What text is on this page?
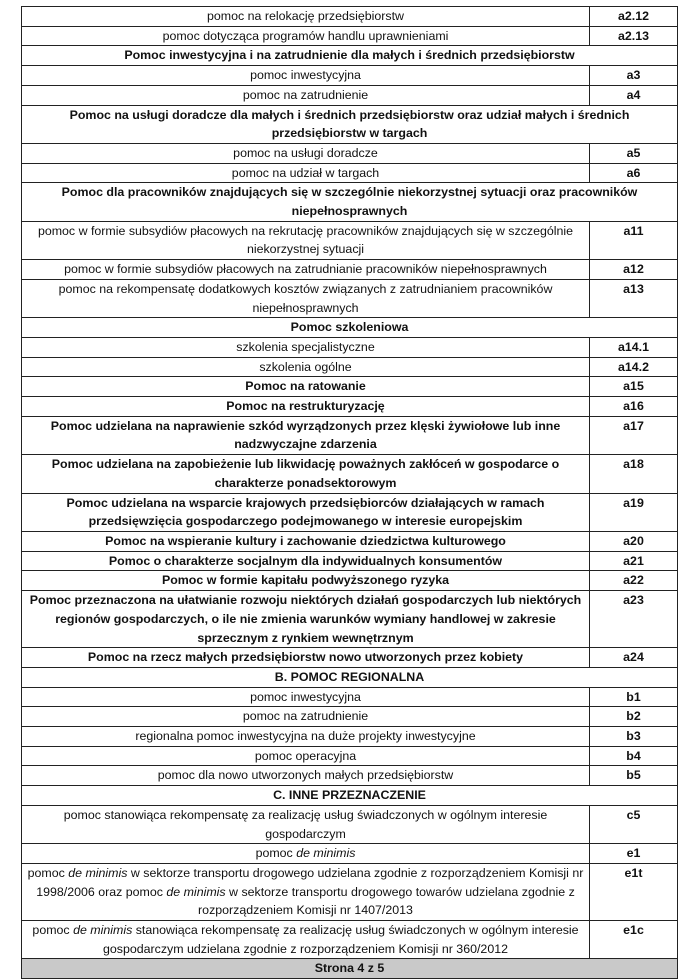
pomoc na relokację przedsiębiorstw	a2.12
pomoc dotycząca programów handlu uprawnieniami	a2.13
Pomoc inwestycyjna i na zatrudnienie dla małych i średnich przedsiębiorstw	
pomoc inwestycyjna	a3
pomoc na zatrudnienie	a4
Pomoc na usługi doradcze dla małych i średnich przedsiębiorstw oraz udział małych i średnich przedsiębiorstw w targach	
pomoc na usługi doradcze	a5
pomoc na udział w targach	a6
Pomoc dla pracowników znajdujących się w szczególnie niekorzystnej sytuacji oraz pracowników niepełnosprawnych	
pomoc w formie subsydiów płacowych na rekrutację pracowników znajdujących się w szczególnie niekorzystnej sytuacji	a11
pomoc w formie subsydiów płacowych na zatrudnianie pracowników niepełnosprawnych	a12
pomoc na rekompensatę dodatkowych kosztów związanych z zatrudnianiem pracowników niepełnosprawnych	a13
Pomoc szkoleniowa	
szkolenia specjalistyczne	a14.1
szkolenia ogólne	a14.2
Pomoc na ratowanie	a15
Pomoc na restrukturyzację	a16
Pomoc udzielana na naprawienie szkód wyrządzonych przez klęski żywiołowe lub inne nadzwyczajne zdarzenia	a17
Pomoc udzielana na zapobieżenie lub likwidację poważnych zakłóceń w gospodarce o charakterze ponadsektorowym	a18
Pomoc udzielana na wsparcie krajowych przedsiębiorców działających w ramach przedsięwzięcia gospodarczego podejmowanego w interesie europejskim	a19
Pomoc na wspieranie kultury i zachowanie dziedzictwa kulturowego	a20
Pomoc o charakterze socjalnym dla indywidualnych konsumentów	a21
Pomoc w formie kapitału podwyższonego ryzyka	a22
Pomoc przeznaczona na ułatwianie rozwoju niektórych działań gospodarczych lub niektórych regionów gospodarczych, o ile nie zmienia warunków wymiany handlowej w zakresie sprzecznym z rynkiem wewnętrznym	a23
Pomoc na rzecz małych przedsiębiorstw nowo utworzonych przez kobiety	a24
B. POMOC REGIONALNA	
pomoc inwestycyjna	b1
pomoc na zatrudnienie	b2
regionalna pomoc inwestycyjna na duże projekty inwestycyjne	b3
pomoc operacyjna	b4
pomoc dla nowo utworzonych małych przedsiębiorstw	b5
C. INNE PRZEZNACZENIE	
pomoc stanowiąca rekompensatę za realizację usług świadczonych w ogólnym interesie gospodarczym	c5
pomoc de minimis	e1
pomoc de minimis w sektorze transportu drogowego udzielana zgodnie z rozporządzeniem Komisji nr 1998/2006 oraz pomoc de minimis w sektorze transportu drogowego towarów udzielana zgodnie z rozporządzeniem Komisji nr 1407/2013	e1t
pomoc de minimis stanowiąca rekompensatę za realizację usług świadczonych w ogólnym interesie gospodarczym udzielana zgodnie z rozporządzeniem Komisji nr 360/2012	e1c
Strona 4 z 5	
